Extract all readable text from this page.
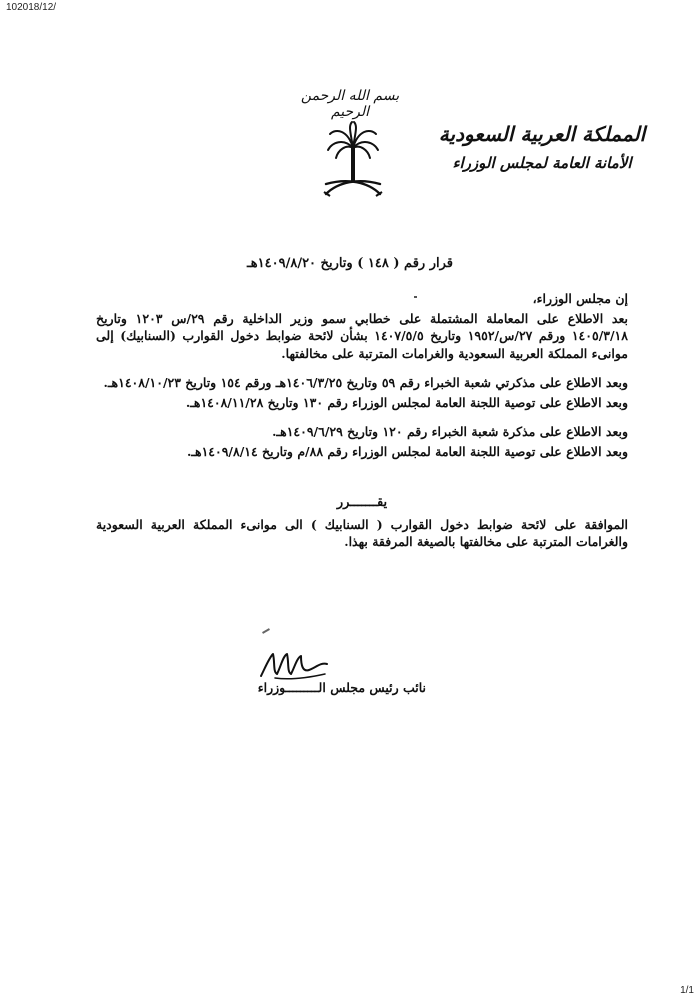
102018/12/
بسم الله الرحمن الرحيم
المملكة العربية السعودية
الأمانة العامة لمجلس الوزراء
قرار رقم ( ١٤٨ ) وتاريخ ١٤٠٩/٨/٢٠هـ

إن مجلس الوزراء،

بعد الاطلاع على المعاملة المشتملة على خطابي سمو وزير الداخلية رقم ٢٩/س ١٢٠٣ وتاريخ ١٤٠٥/٣/١٨ ورقم ٢٧/س/١٩٥٢ وتاريخ ١٤٠٧/٥/٥ بشأن لائحة ضوابط دخول القوارب (السنابيك) إلى موانىء المملكة العربية السعودية والغرامات المترتبة على مخالفتها.

وبعد الاطلاع على مذكرتي شعبة الخبراء رقم ٥٩ وتاريخ ١٤٠٦/٣/٢٥هـ ورقم ١٥٤ وتاريخ ١٤٠٨/١٠/٢٣هـ.

وبعد الاطلاع على توصية اللجنة العامة لمجلس الوزراء رقم ١٣٠ وتاريخ ١٤٠٨/١١/٢٨هـ.

وبعد الاطلاع على مذكرة شعبة الخبراء رقم ١٢٠ وتاريخ ١٤٠٩/٦/٢٩هـ.

وبعد الاطلاع على توصية اللجنة العامة لمجلس الوزراء رقم ٨٨/م وتاريخ ١٤٠٩/٨/١٤هـ.

يقـــــــرر

الموافقة على لائحة ضوابط دخول القوارب ( السنابيك ) الى موانىء المملكة العربية السعودية والغرامات المترتبة على مخالفتها بالصيغة المرفقة بهذا.

نائب رئيس مجلس الـــــــــوزراء
1/1
